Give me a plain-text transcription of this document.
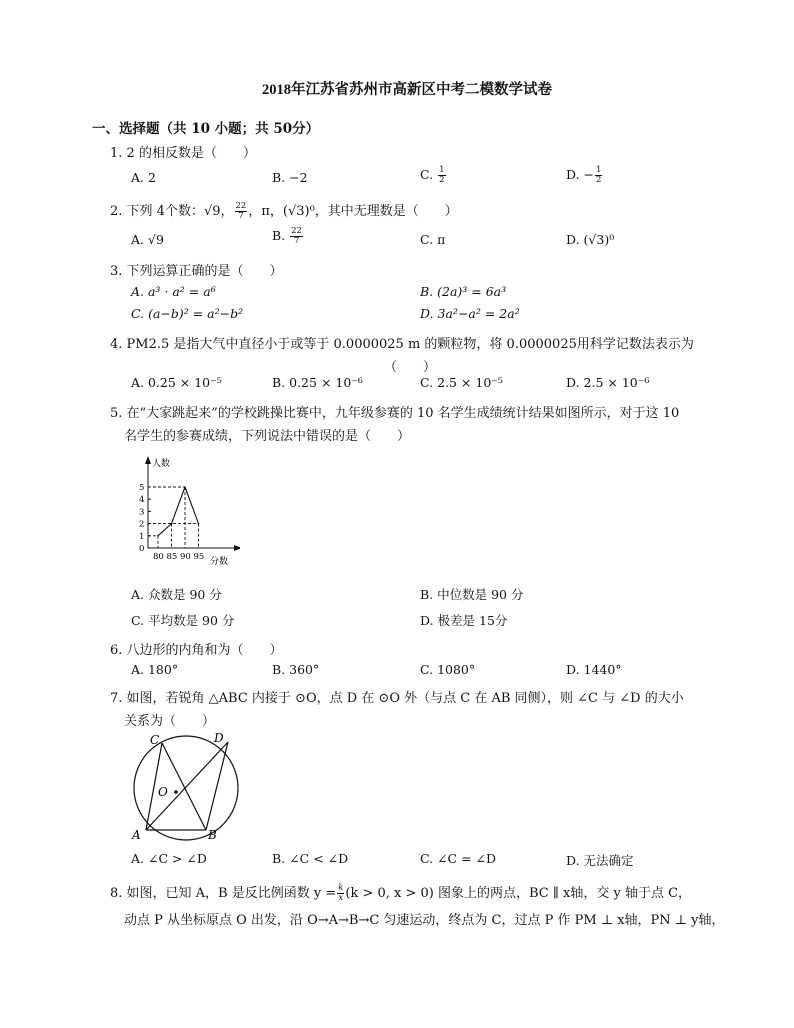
2018年江苏省苏州市高新区中考二模数学试卷
一、选择题（共 10 小题；共 50分）
1. 2 的相反数是（　　）
A. 2	B. −2	C. $\frac{1}{2}$	D. − $\frac{1}{2}$
2. 下列 4个数：√9， $\frac{22}{7}$ ，π，(√3)⁰，其中无理数是（　　）
A. √9	B. $\frac{22}{7}$	C. π	D. (√3)⁰
3. 下列运算正确的是（　　）
A. a³ · a² = a⁶	B. (2a)³ = 6a³
C. (a−b)² = a²−b²	D. 3a²−a² = 2a²
4. PM2.5 是指大气中直径小于或等于 0.0000025 m 的颗粒物，将 0.0000025用科学记数法表示为
（　　）
A. 0.25 × 10⁻⁵	B. 0.25 × 10⁻⁶	C. 2.5 × 10⁻⁵	D. 2.5 × 10⁻⁶
5. 在“大家跳起来”的学校跳操比赛中，九年级参赛的 10 名学生成绩统计结果如图所示，对于这 10
名学生的参赛成绩，下列说法中错误的是（　　）
人数
分数
0
1
2
3
4
5
80 85 90 95
A. 众数是 90 分	B. 中位数是 90 分
C. 平均数是 90 分	D. 极差是 15分
6. 八边形的内角和为（　　）
A. 180°	B. 360°	C. 1080°	D. 1440°
7. 如图，若锐角 △ABC 内接于 ⊙O，点 D 在 ⊙O 外（与点 C 在 AB 同侧），则 ∠C 与 ∠D 的大小
关系为（　　）
C	D
O
A	B
A. ∠C > ∠D	B. ∠C < ∠D	C. ∠C = ∠D	D. 无法确定
8. 如图，已知 A，B 是反比例函数 $y = \frac{k}{x} (k > 0$, x > 0) 图象上的两点，BC ∥ x轴，交 y 轴于点 C，
动点 P 从坐标原点 O 出发，沿 O→A→B→C 匀速运动，终点为 C，过点 P 作 PM ⊥ x轴，PN ⊥ y轴，
